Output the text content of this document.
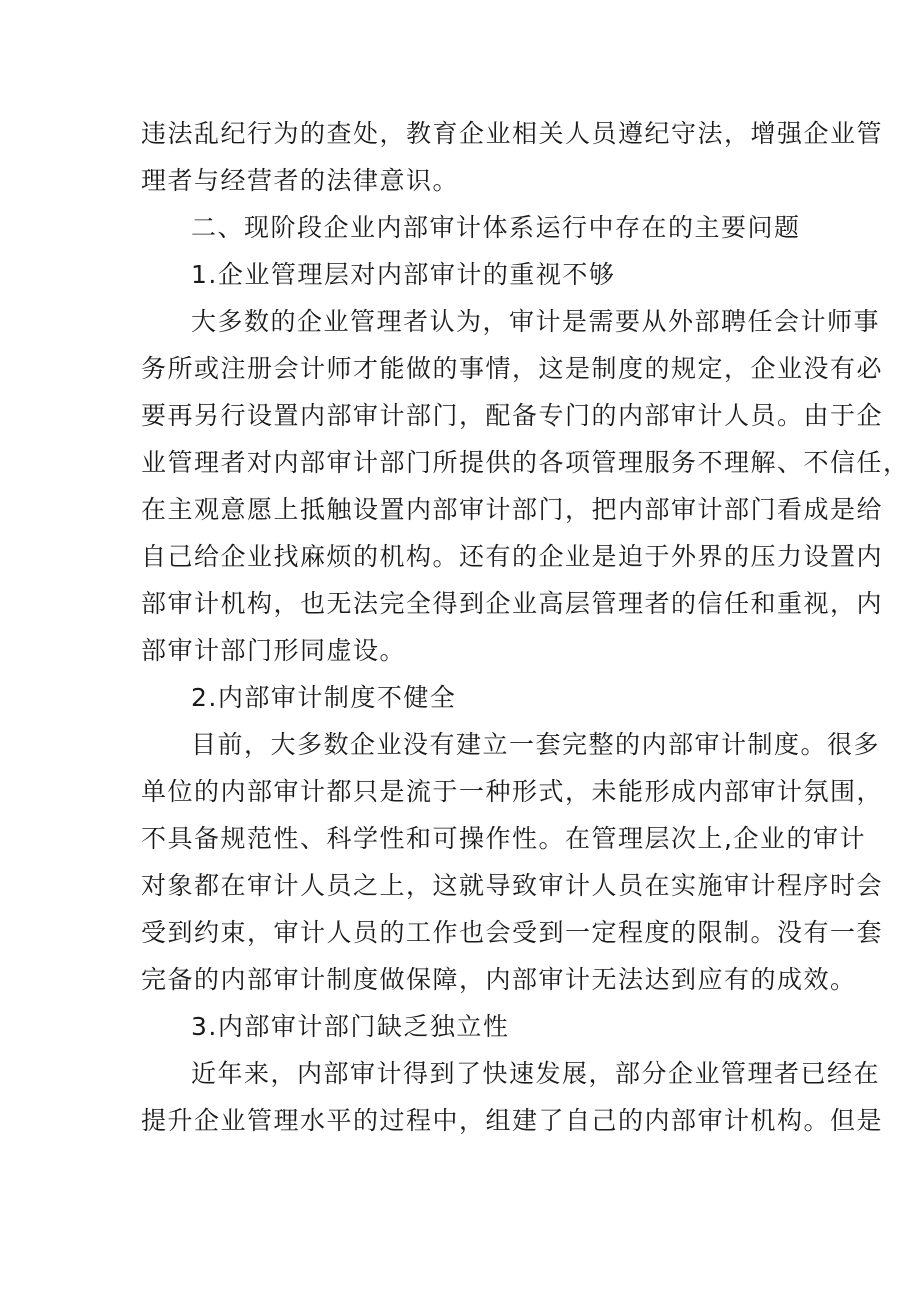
违法乱纪行为的查处，教育企业相关人员遵纪守法，增强企业管
理者与经营者的法律意识。
二、现阶段企业内部审计体系运行中存在的主要问题
1.企业管理层对内部审计的重视不够
大多数的企业管理者认为，审计是需要从外部聘任会计师事
务所或注册会计师才能做的事情，这是制度的规定，企业没有必
要再另行设置内部审计部门，配备专门的内部审计人员。由于企
业管理者对内部审计部门所提供的各项管理服务不理解、不信任，
在主观意愿上抵触设置内部审计部门，把内部审计部门看成是给
自己给企业找麻烦的机构。还有的企业是迫于外界的压力设置内
部审计机构，也无法完全得到企业高层管理者的信任和重视，内
部审计部门形同虚设。
2.内部审计制度不健全
目前，大多数企业没有建立一套完整的内部审计制度。很多
单位的内部审计都只是流于一种形式，未能形成内部审计氛围，
不具备规范性、科学性和可操作性。在管理层次上,企业的审计
对象都在审计人员之上，这就导致审计人员在实施审计程序时会
受到约束，审计人员的工作也会受到一定程度的限制。没有一套
完备的内部审计制度做保障，内部审计无法达到应有的成效。
3.内部审计部门缺乏独立性
近年来，内部审计得到了快速发展，部分企业管理者已经在
提升企业管理水平的过程中，组建了自己的内部审计机构。但是
